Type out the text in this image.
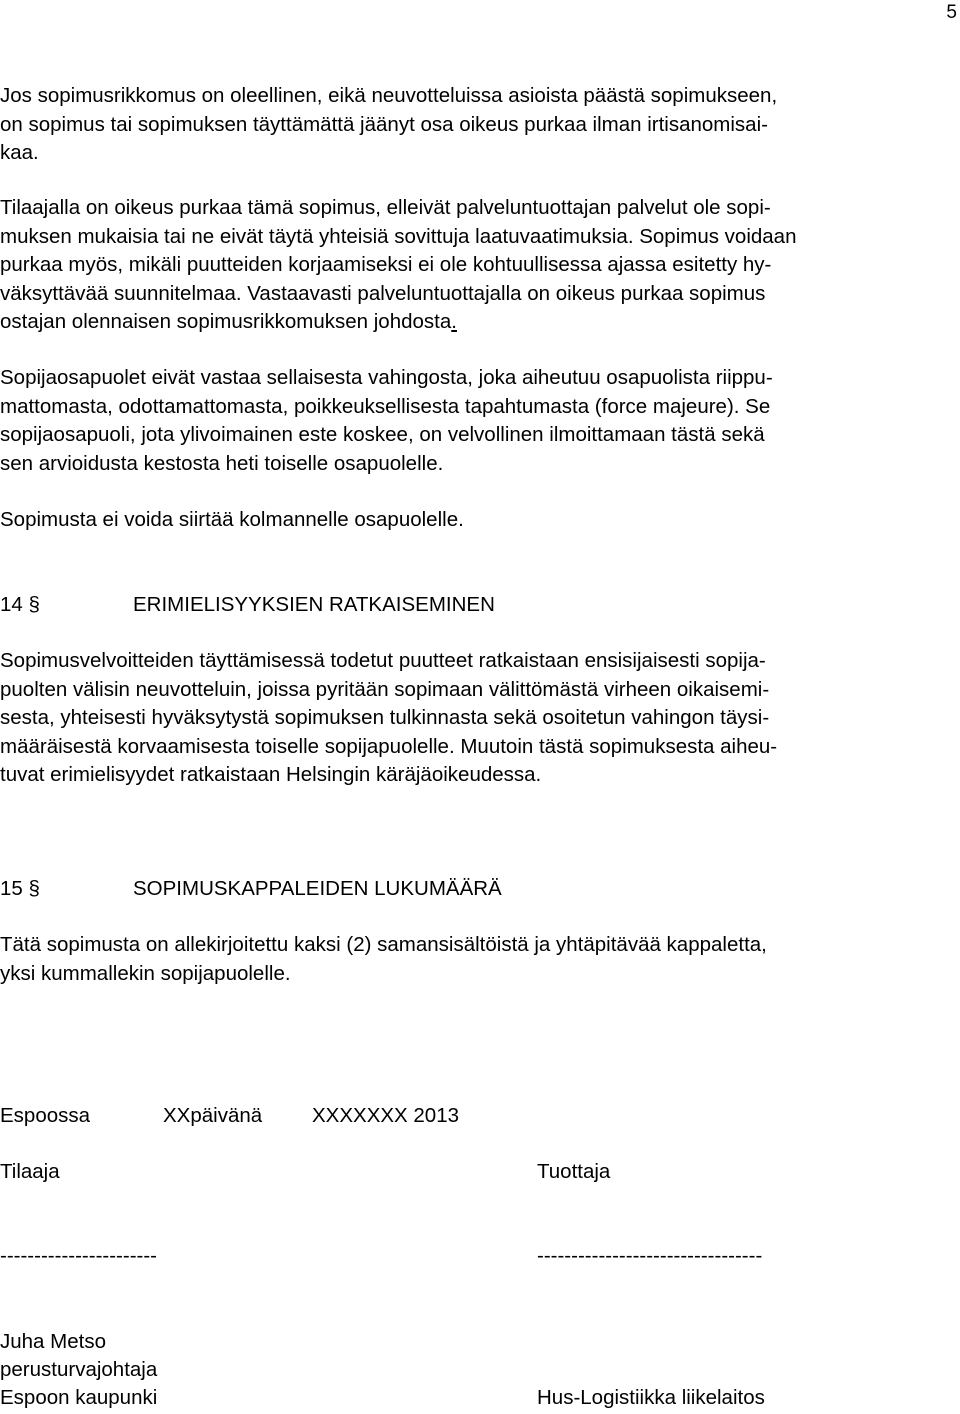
5
Jos sopimusrikkomus on oleellinen, eikä neuvotteluissa asioista päästä sopimukseen,
on sopimus tai sopimuksen täyttämättä jäänyt osa oikeus purkaa ilman irtisanomisai-
kaa.
Tilaajalla on oikeus purkaa tämä sopimus, elleivät palveluntuottajan palvelut ole sopi-
muksen mukaisia tai ne eivät täytä yhteisiä sovittuja laatuvaatimuksia. Sopimus voidaan
purkaa myös, mikäli puutteiden korjaamiseksi ei ole kohtuullisessa ajassa esitetty hy-
väksyttävää suunnitelmaa. Vastaavasti palveluntuottajalla on oikeus purkaa sopimus
ostajan olennaisen sopimusrikkomuksen johdosta.
Sopijaosapuolet eivät vastaa sellaisesta vahingosta, joka aiheutuu osapuolista riippu-
mattomasta, odottamattomasta, poikkeuksellisesta tapahtumasta (force majeure). Se
sopijaosapuoli, jota ylivoimainen este koskee, on velvollinen ilmoittamaan tästä sekä
sen arvioidusta kestosta heti toiselle osapuolelle.
Sopimusta ei voida siirtää kolmannelle osapuolelle.
14 §	ERIMIELISYYKSIEN RATKAISEMINEN
Sopimusvelvoitteiden täyttämisessä todetut puutteet ratkaistaan ensisijaisesti sopija-
puolten välisin neuvotteluin, joissa pyritään sopimaan välittömästä virheen oikaisemi-
sesta, yhteisesti hyväksytystä sopimuksen tulkinnasta sekä osoitetun vahingon täysi-
määräisestä korvaamisesta toiselle sopijapuolelle. Muutoin tästä sopimuksesta aiheu-
tuvat erimielisyydet ratkaistaan Helsingin käräjäoikeudessa.
15 §	SOPIMUSKAPPALEIDEN LUKUMÄÄRÄ
Tätä sopimusta on allekirjoitettu kaksi (2) samansisältöistä ja yhtäpitävää kappaletta,
yksi kummallekin sopijapuolelle.
Espoossa	XXpäivänä XXXXXXX 2013
Tilaaja	Tuottaja
-----------------------	---------------------------------
Juha Metso
perusturvajohtaja
Espoon kaupunki	Hus-Logistiikka liikelaitos
